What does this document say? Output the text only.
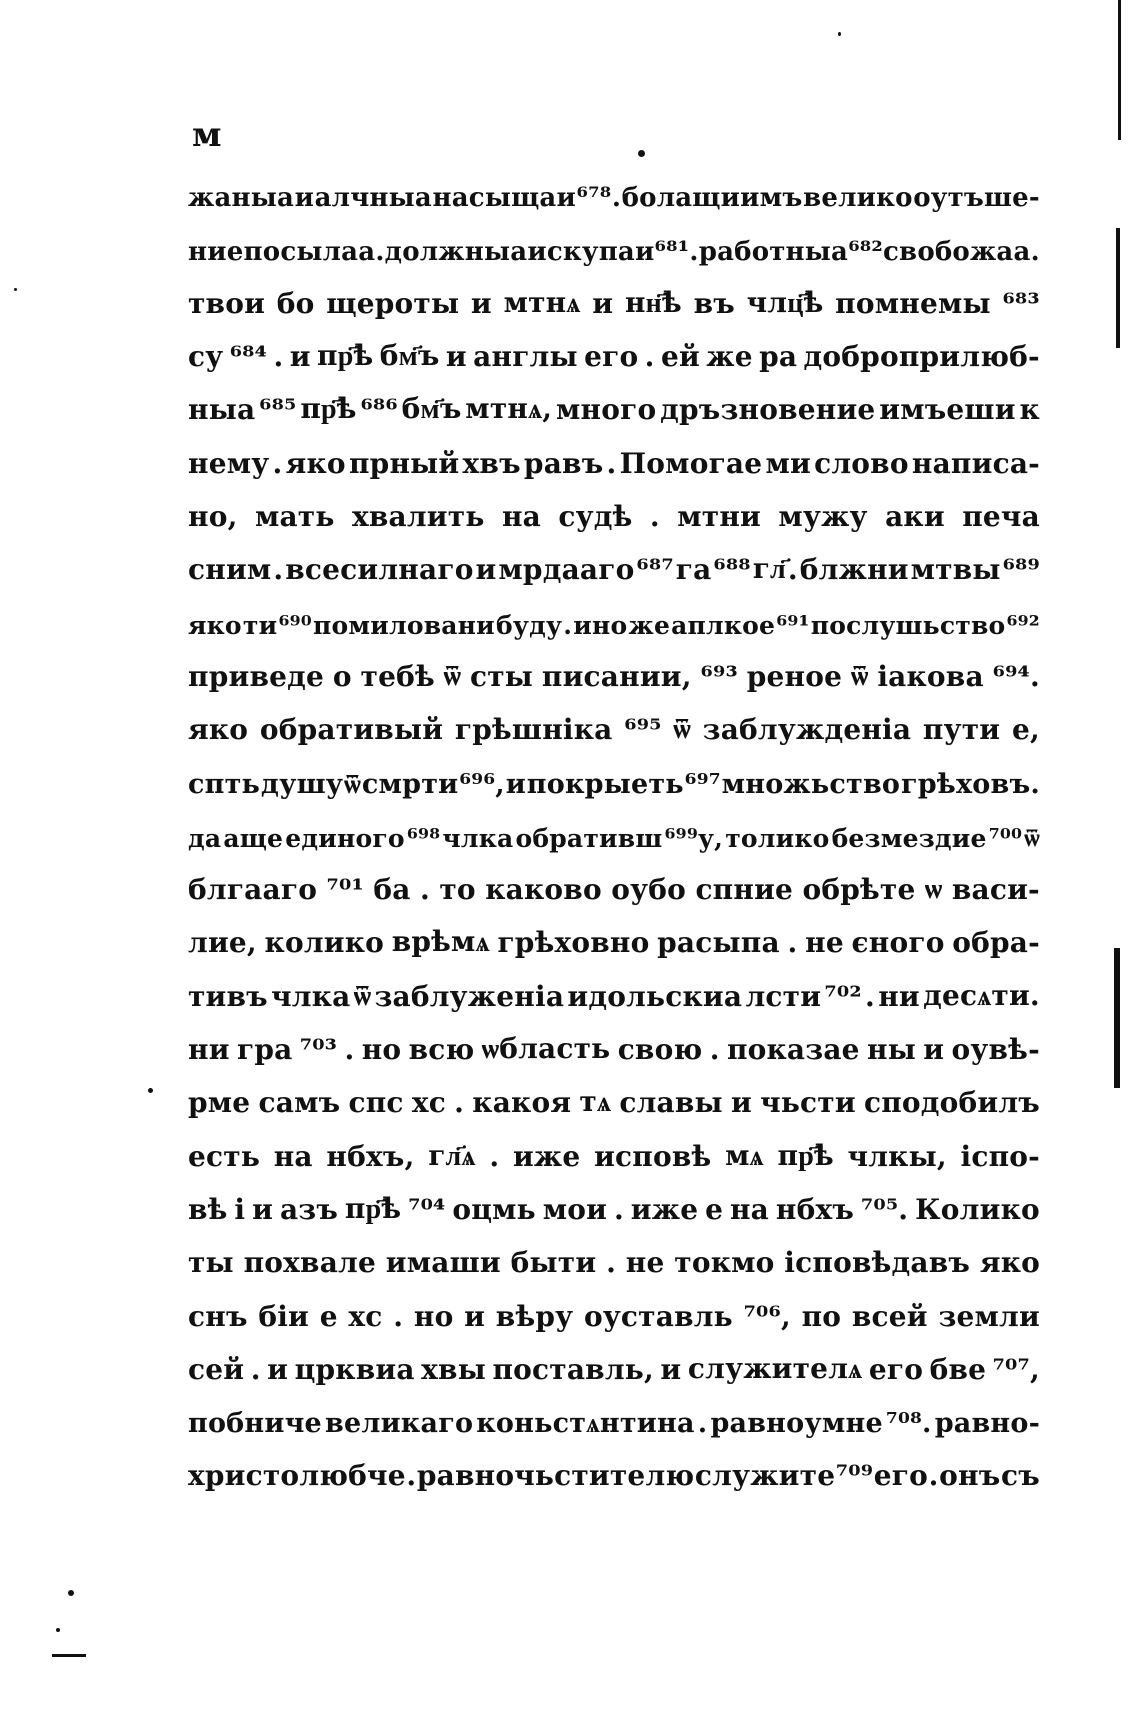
м
жаныа и алчныа насыщаи ⁶⁷⁸ . болащиимъ велико оутъше-
ние посылаа . должныа искупаи ⁶⁸¹ . работныа ⁶⁸² свобожаа .
твои бо щероты и мтнѧ и нн҃ѣ въ члц҃ѣ помнемы ⁶⁸³
су ⁶⁸⁴ . и пр҃ѣ бм҃ъ и англы его . ей же ра доброприлюб-
ныа ⁶⁸⁵ пр҃ѣ ⁶⁸⁶ бм҃ъ мтнѧ, много дръзновение имъеши к
нему . яко прный хвъ равъ . Помогае ми слово написа-
но, мать хвалить на судѣ . мтни мужу аки печа
сним . всесилнаго и мрдааго ⁶⁸⁷ га ⁶⁸⁸ гл҃ . блжни мтвы ⁶⁸⁹
яко ти ⁶⁹⁰ помиловани буду . ино же аплкое ⁶⁹¹ послушьство ⁶⁹²
приведе о тебѣ ѿ сты писании, ⁶⁹³ реное ѿ іакова ⁶⁹⁴.
яко обративый грѣшніка ⁶⁹⁵ ѿ заблужденіа пути е,
спть душу ѿ смрти ⁶⁹⁶, и покрыеть ⁶⁹⁷ множьство грѣховъ.
да аще единого ⁶⁹⁸ члка обративш ⁶⁹⁹у, толико безмездие ⁷⁰⁰ ѿ
блгааго ⁷⁰¹ ба . то каково оубо спние обрѣте ѡ васи-
лие, колико врѣмѧ грѣховно расыпа . не єного обра-
тивъ члка ѿ заблуженіа идольскиа лсти ⁷⁰² . ни десѧти.
ни гра ⁷⁰³ . но всю ѡбласть свою . показае ны и оувѣ-
рме самъ спс хс . какоя тѧ славы и чьсти сподобилъ
есть на нбхъ, гл҃ѧ . иже исповѣ мѧ пр҃ѣ члкы, іспо-
вѣ і и азъ пр҃ѣ ⁷⁰⁴ оцмь мои . иже е на нбхъ ⁷⁰⁵. Колико
ты похвале имаши быти . не токмо ісповѣдавъ яко
снъ біи е хс . но и вѣру оуставль ⁷⁰⁶, по всей земли
сей . и црквиа хвы поставль, и служителѧ его бве ⁷⁰⁷,
побниче великаго коньстѧнтина . равноумне ⁷⁰⁸. равно-
христолюбче . равночьстителю служите ⁷⁰⁹ его . онъ съ
